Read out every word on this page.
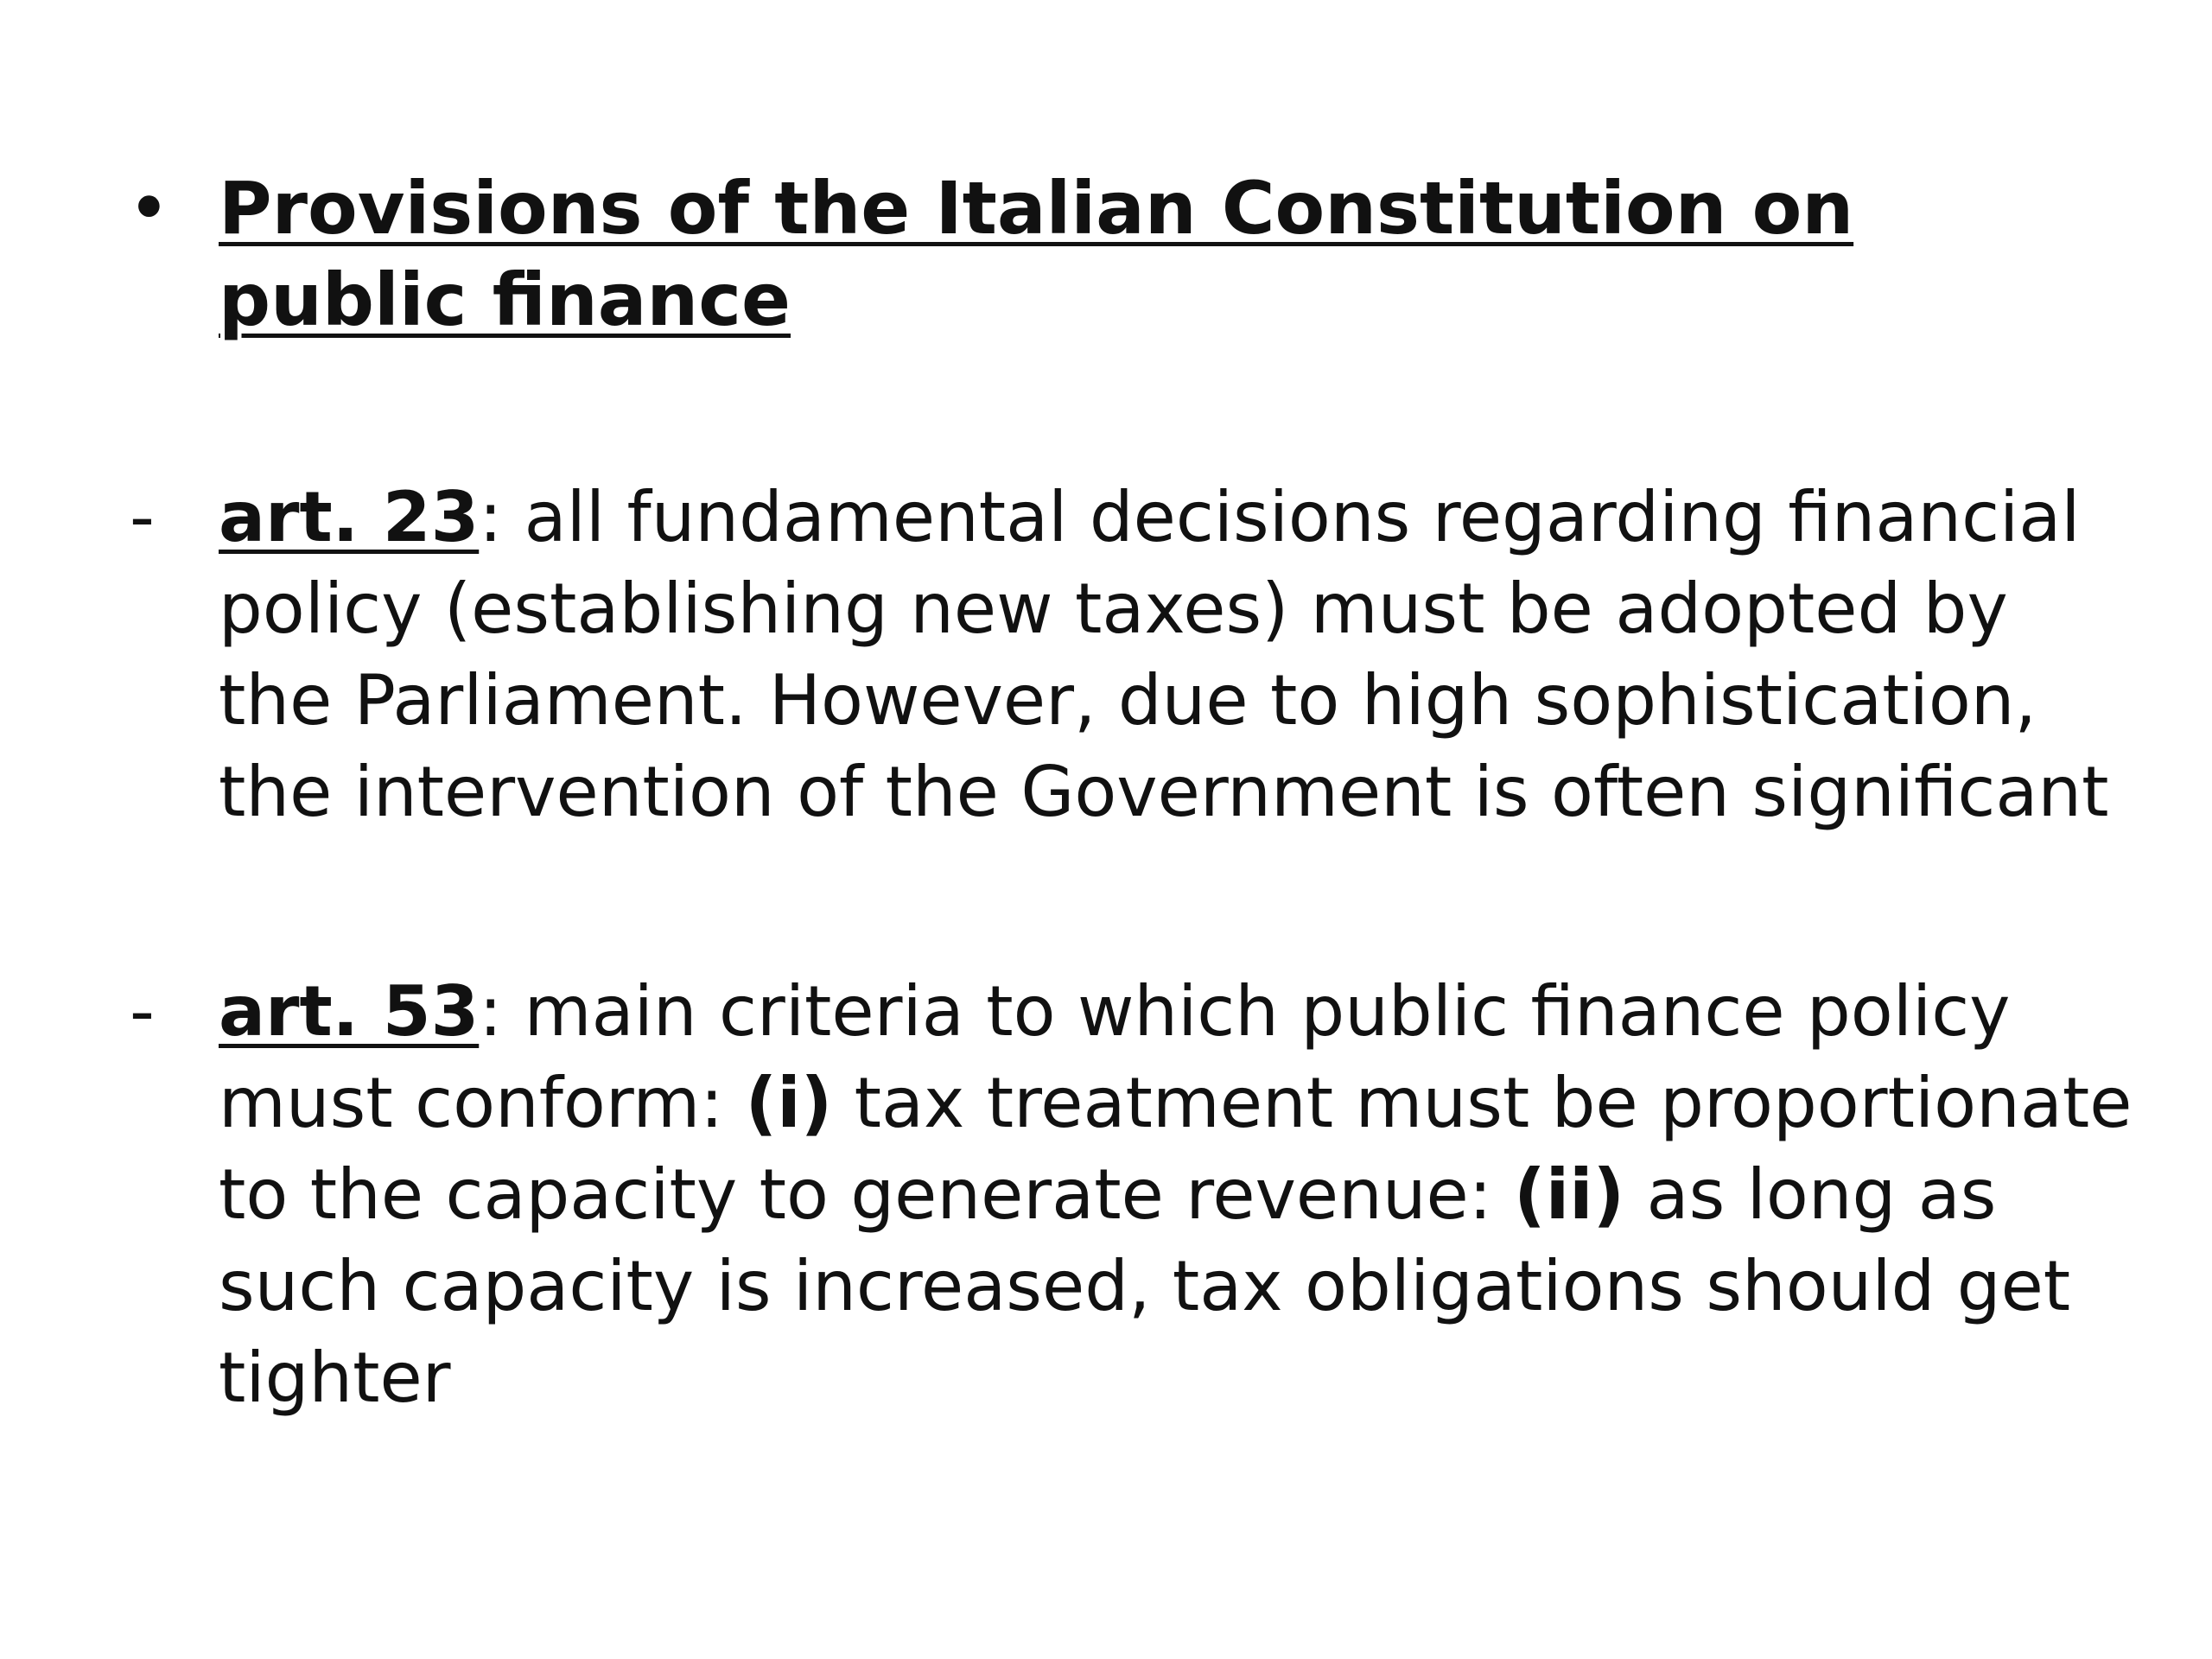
• Provisions of the Italian Constitution on public finance
- art. 23: all fundamental decisions regarding financial policy (establishing new taxes) must be adopted by the Parliament. However, due to high sophistication, the intervention of the Government is often significant
- art. 53: main criteria to which public finance policy must conform: (i) tax treatment must be proportionate to the capacity to generate revenue: (ii) as long as such capacity is increased, tax obligations should get tighter
